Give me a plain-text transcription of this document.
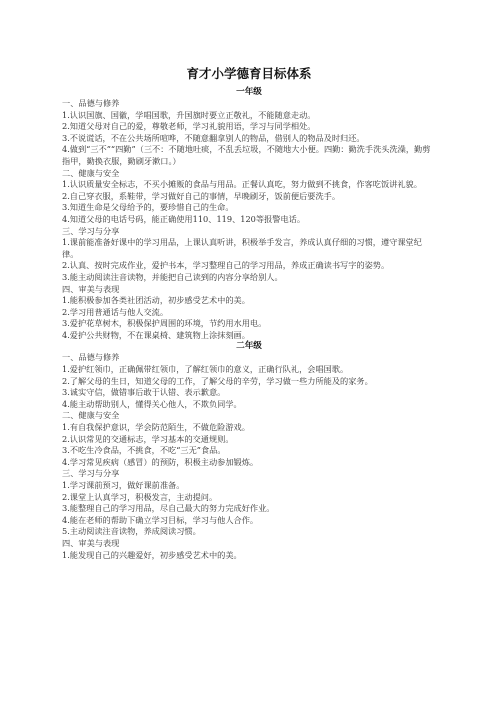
育才小学德育目标体系
一年级
一、品德与修养
1.认识国旗、国徽，学唱国歌，升国旗时要立正敬礼，不能随意走动。
2.知道父母对自己的爱，尊敬老师，学习礼貌用语，学习与同学相处。
3.不说谎话，不在公共场所喧哗，不随意翻拿别人的物品，借别人的物品及时归还。
4.做到“三不”“四勤”（三不：不随地吐痰，不乱丢垃圾，不随地大小便。四勤：勤洗手洗头洗澡，勤剪指甲，勤换衣服，勤刷牙漱口。）
二、健康与安全
1.认识质量安全标志，不买小摊贩的食品与用品。正餐认真吃，努力做到不挑食，作客吃饭讲礼貌。
2.自己穿衣服，系鞋带，学习做好自己的事情，早晚刷牙，饭前便后要洗手。
3.知道生命是父母给予的，要珍惜自己的生命。
4.知道父母的电话号码，能正确使用110、119、120等报警电话。
三、学习与分享
1.课前能准备好课中的学习用品，上课认真听讲，积极举手发言，养成认真仔细的习惯，遵守课堂纪律。
2.认真、按时完成作业，爱护书本，学习整理自己的学习用品，养成正确读书写字的姿势。
3.能主动阅读注音读物，并能把自己读到的内容分享给别人。
四、审美与表现
1.能积极参加各类社团活动，初步感受艺术中的美。
2.学习用普通话与他人交流。
3.爱护花草树木，积极保护周围的环境，节约用水用电。
4.爱护公共财物，不在课桌椅、建筑物上涂抹刻画。
二年级
一、品德与修养
1.爱护红领巾，正确佩带红领巾，了解红领巾的意义，正确行队礼，会唱国歌。
2.了解父母的生日，知道父母的工作，了解父母的辛劳，学习做一些力所能及的家务。
3.诚实守信，做错事后敢于认错、表示歉意。
4.能主动帮助别人，懂得关心他人，不欺负同学。
二、健康与安全
1.有自我保护意识，学会防范陌生，不做危险游戏。
2.认识常见的交通标志，学习基本的交通规则。
3.不吃生冷食品，不挑食，不吃“三无”食品。
4.学习常见疾病（感冒）的预防，积极主动参加锻炼。
三、学习与分享
1.学习课前预习，做好课前准备。
2.课堂上认真学习，积极发言，主动提问。
3.能整理自己的学习用品，尽自己最大的努力完成好作业。
4.能在老师的帮助下确立学习目标，学习与他人合作。
5.主动阅读注音读物，养成阅读习惯。
四、审美与表现
1.能发现自己的兴趣爱好，初步感受艺术中的美。
